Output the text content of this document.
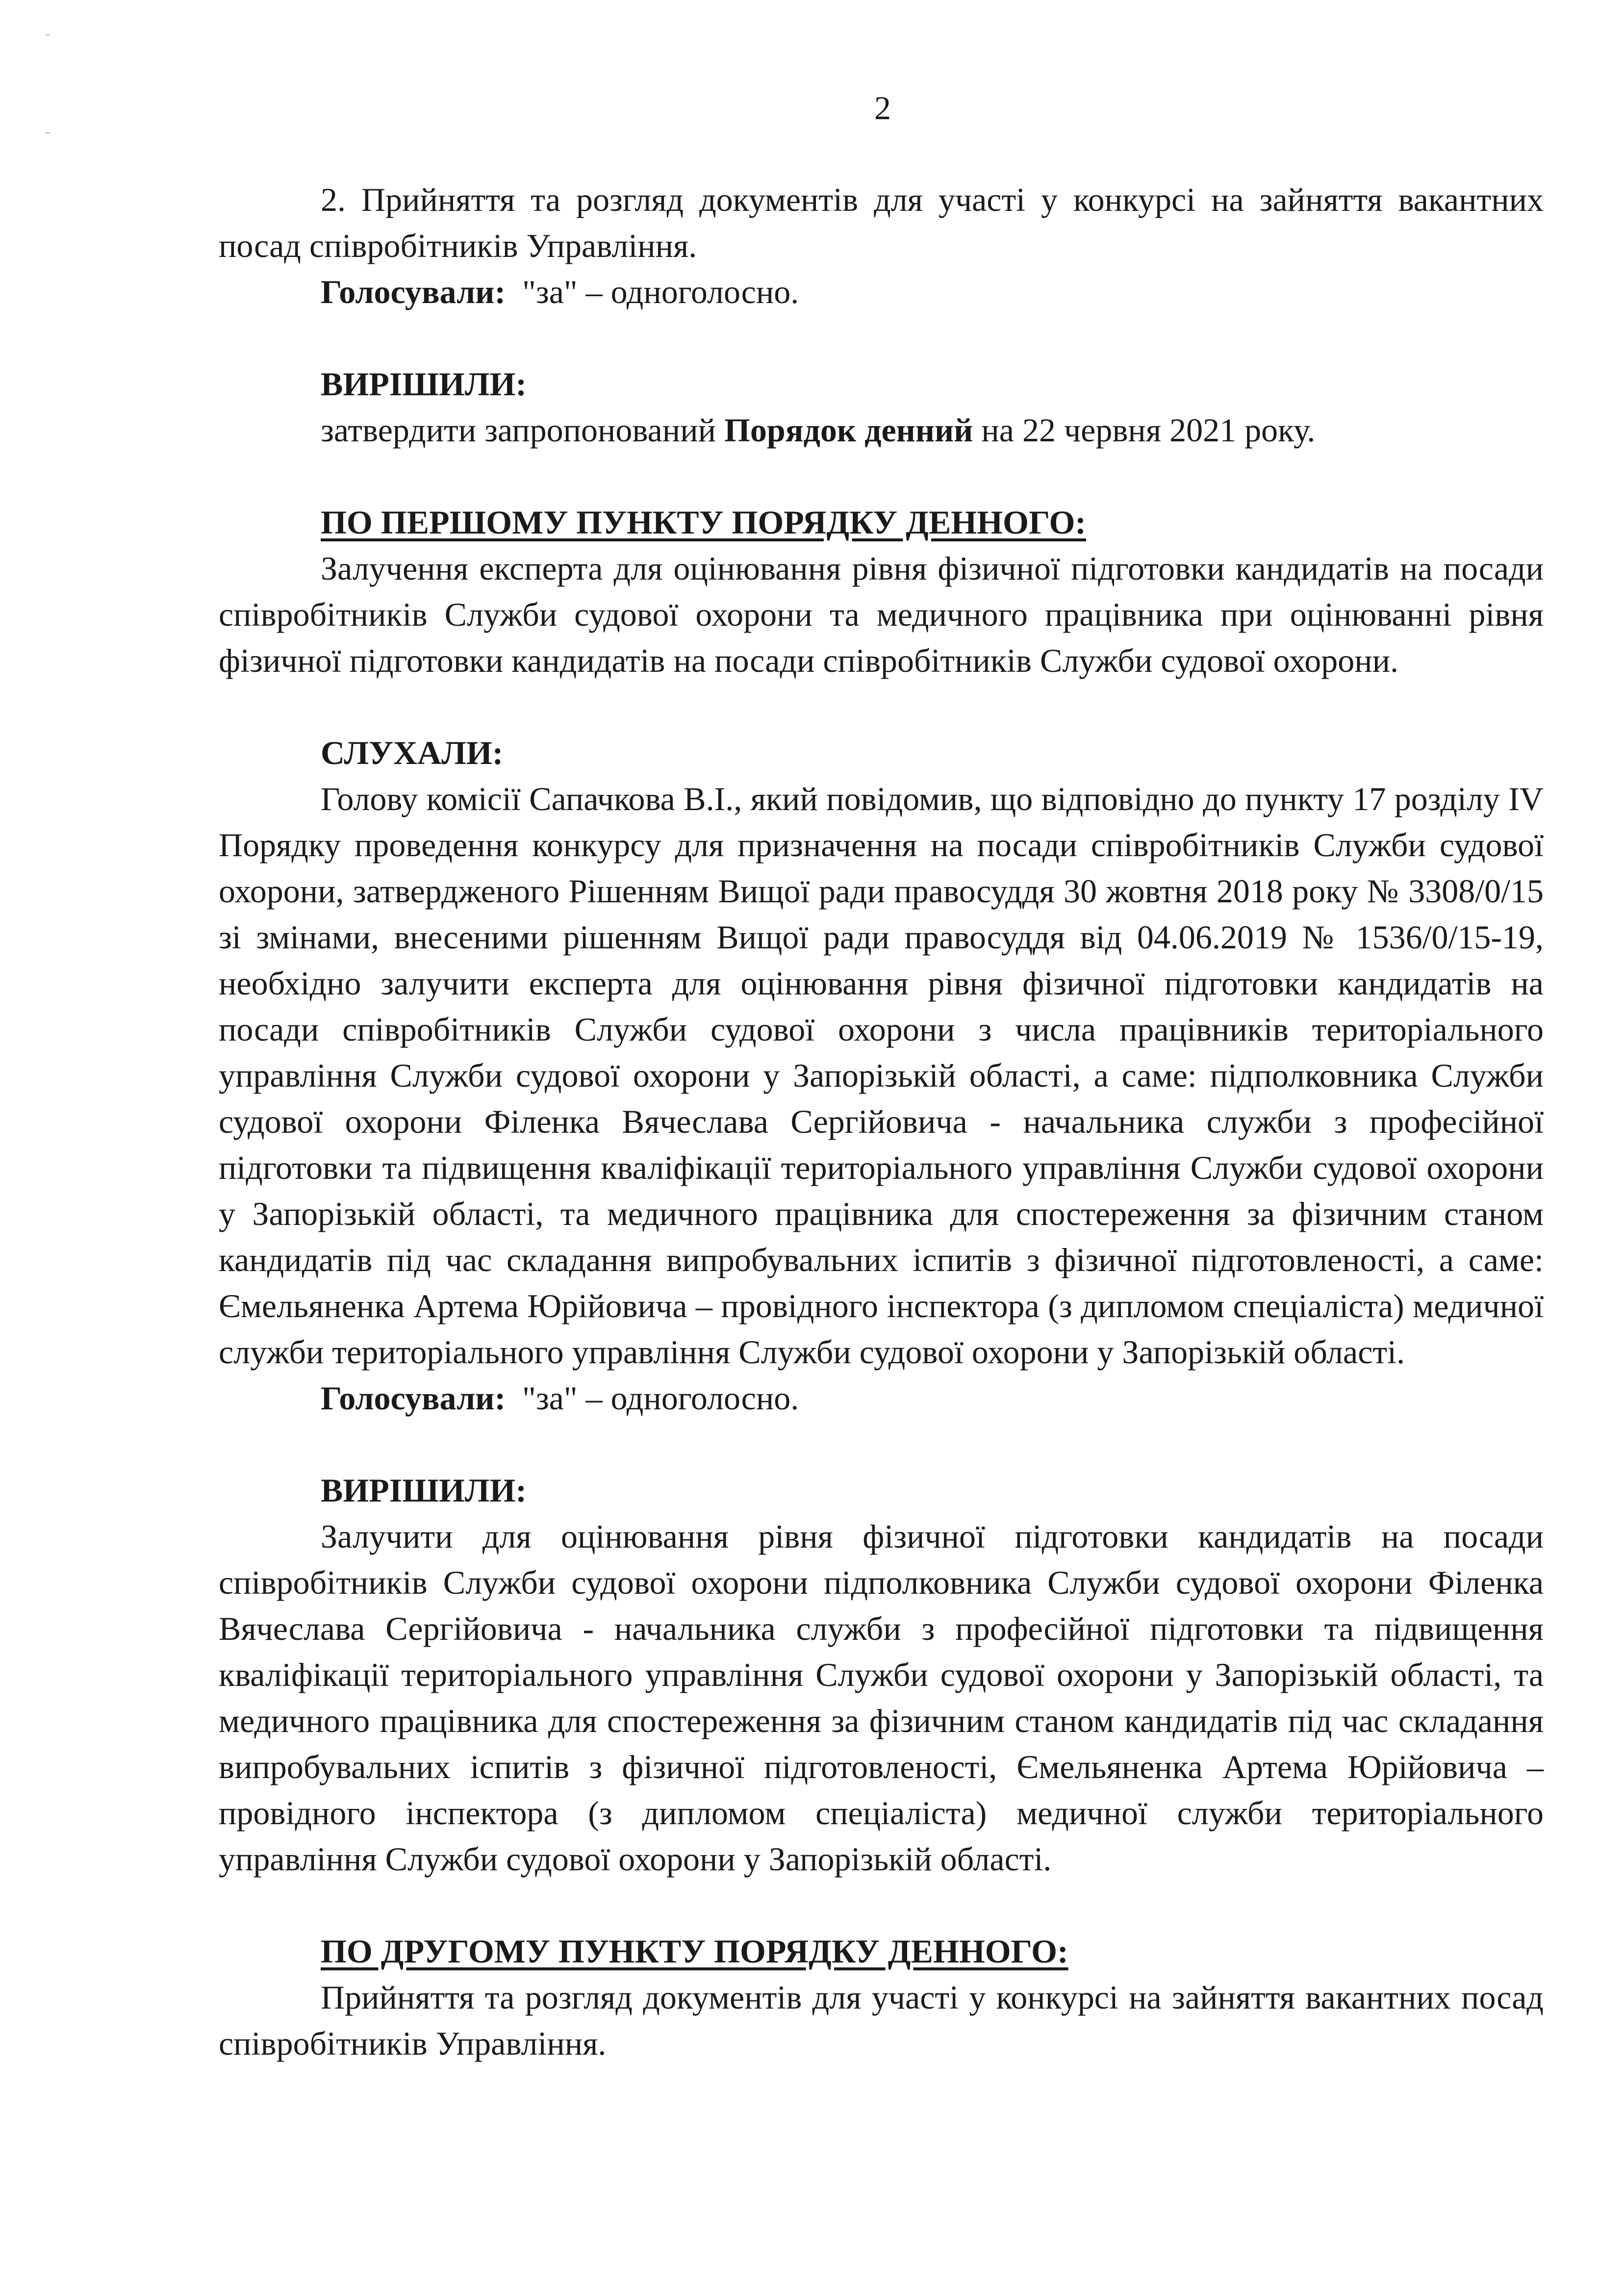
2

2. Прийняття та розгляд документів для участі у конкурсі на зайняття вакантних посад співробітників Управління.

Голосували: "за" – одноголосно.

ВИРІШИЛИ:

затвердити запропонований Порядок денний на 22 червня 2021 року.

ПО ПЕРШОМУ ПУНКТУ ПОРЯДКУ ДЕННОГО:

Залучення експерта для оцінювання рівня фізичної підготовки кандидатів на посади співробітників Служби судової охорони та медичного працівника при оцінюванні рівня фізичної підготовки кандидатів на посади співробітників Служби судової охорони.

СЛУХАЛИ:

Голову комісії Сапачкова В.І., який повідомив, що відповідно до пункту 17 розділу IV Порядку проведення конкурсу для призначення на посади співробітників Служби судової охорони, затвердженого Рішенням Вищої ради правосуддя 30 жовтня 2018 року № 3308/0/15 зі змінами, внесеними рішенням Вищої ради правосуддя від 04.06.2019 № 1536/0/15-19, необхідно залучити експерта для оцінювання рівня фізичної підготовки кандидатів на посади співробітників Служби судової охорони з числа працівників територіального управління Служби судової охорони у Запорізькій області, а саме: підполковника Служби судової охорони Філенка Вячеслава Сергійовича - начальника служби з професійної підготовки та підвищення кваліфікації територіального управління Служби судової охорони у Запорізькій області, та медичного працівника для спостереження за фізичним станом кандидатів під час складання випробувальних іспитів з фізичної підготовленості, а саме: Ємельяненка Артема Юрійовича – провідного інспектора (з дипломом спеціаліста) медичної служби територіального управління Служби судової охорони у Запорізькій області.

Голосували: "за" – одноголосно.

ВИРІШИЛИ:

Залучити для оцінювання рівня фізичної підготовки кандидатів на посади співробітників Служби судової охорони підполковника Служби судової охорони Філенка Вячеслава Сергійовича - начальника служби з професійної підготовки та підвищення кваліфікації територіального управління Служби судової охорони у Запорізькій області, та медичного працівника для спостереження за фізичним станом кандидатів під час складання випробувальних іспитів з фізичної підготовленості, Ємельяненка Артема Юрійовича – провідного інспектора (з дипломом спеціаліста) медичної служби територіального управління Служби судової охорони у Запорізькій області.

ПО ДРУГОМУ ПУНКТУ ПОРЯДКУ ДЕННОГО:

Прийняття та розгляд документів для участі у конкурсі на зайняття вакантних посад співробітників Управління.
